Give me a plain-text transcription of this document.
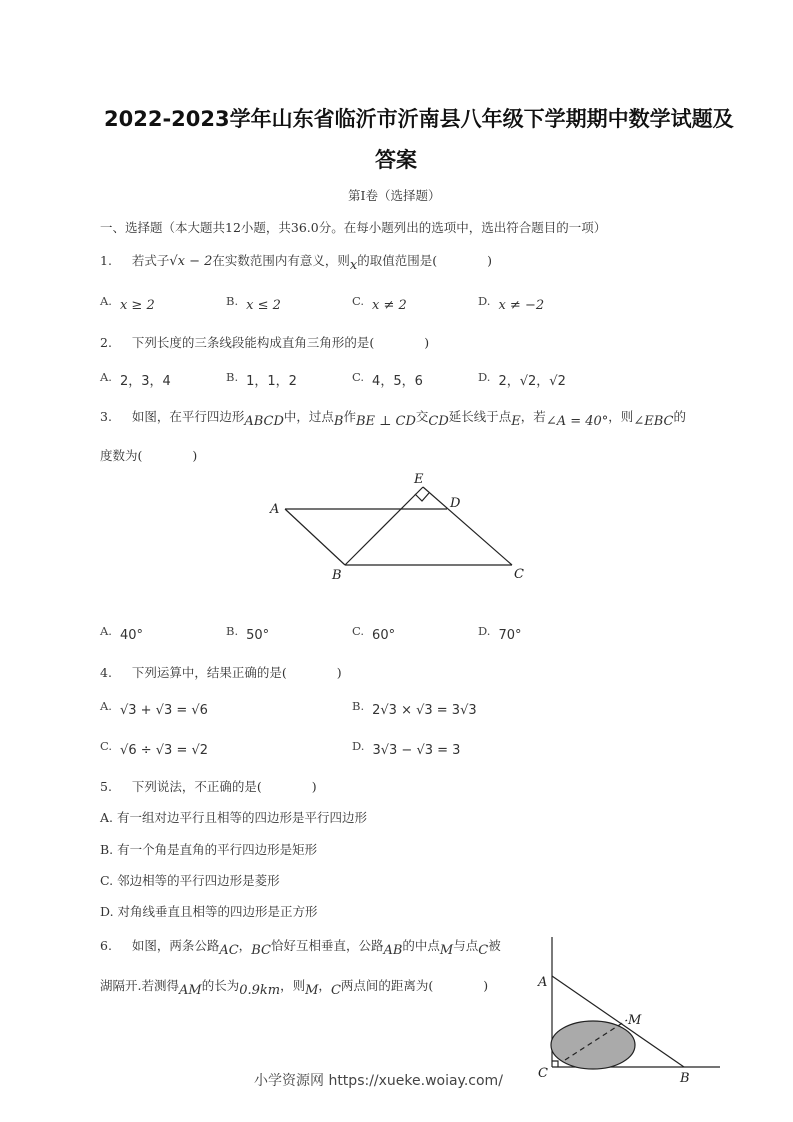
2022-2023学年山东省临沂市沂南县八年级下学期期中数学试题及
答案
第Ⅰ卷（选择题）
一、选择题（本大题共12小题，共36.0分。在每小题列出的选项中，选出符合题目的一项）
1. 若式子√x − 2在实数范围内有意义，则x的取值范围是(　　　　)
A. x ≥ 2	B. x ≤ 2	C. x ≠ 2	D. x ≠ −2
2. 下列长度的三条线段能构成直角三角形的是(　　　　)
A. 2，3，4	B. 1，1，2	C. 4，5，6	D. 2，√2，√2
3. 如图，在平行四边形ABCD中，过点B作BE ⊥ CD交CD延长线于点E，若∠A = 40°，则∠EBC的
度数为(　　　　)
A	D
E
B	C
A. 40°	B. 50°	C. 60°	D. 70°
4. 下列运算中，结果正确的是(　　　　)
A. √3 + √3 = √6	B. 2√3 × √3 = 3√3
C. √6 ÷ √3 = √2	D. 3√3 − √3 = 3
5. 下列说法，不正确的是(　　　　)
A. 有一组对边平行且相等的四边形是平行四边形
B. 有一个角是直角的平行四边形是矩形
C. 邻边相等的平行四边形是菱形
D. 对角线垂直且相等的四边形是正方形
6. 如图，两条公路AC，BC恰好互相垂直，公路AB的中点M与点C被
湖隔开.若测得AM的长为0.9km，则M，C两点间的距离为(　　　　)	A
M
C	B
小学资源网 https://xueke.woiay.com/
